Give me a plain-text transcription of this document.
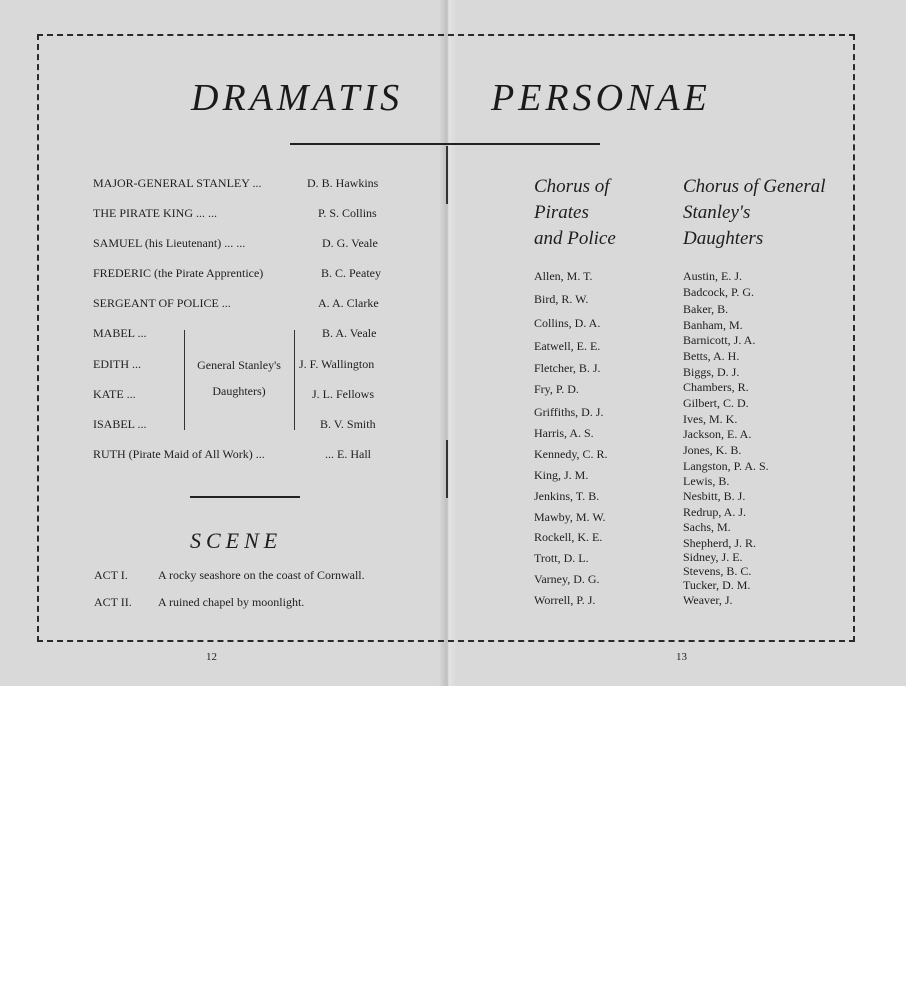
DRAMATIS PERSONAE
MAJOR-GENERAL STANLEY ...	D. B. Hawkins
THE PIRATE KING ... ...	P. S. Collins
SAMUEL (his Lieutenant) ... ...	D. G. Veale
FREDERIC (the Pirate Apprentice)	B. C. Peatey
SERGEANT OF POLICE ...	A. A. Clarke
MABEL ...	B. A. Veale
EDITH ...	J. F. Wallington
KATE ...	J. L. Fellows
ISABEL ...	B. V. Smith
RUTH (Pirate Maid of All Work) ...	... E. Hall
General Stanley's
Daughters)
SCENE
ACT I.	A rocky seashore on the coast of Cornwall.
ACT II. A ruined chapel by moonlight.
Chorus of
Pirates
and Police
Chorus of General
Stanley's
Daughters
Allen, M. T.
Bird, R. W.
Collins, D. A.
Eatwell, E. E.
Fletcher, B. J.
Fry, P. D.
Griffiths, D. J.
Harris, A. S.
Kennedy, C. R.
King, J. M.
Jenkins, T. B.
Mawby, M. W.
Rockell, K. E.
Trott, D. L.
Varney, D. G.
Worrell, P. J.
Austin, E. J.
Badcock, P. G.
Baker, B.
Banham, M.
Barnicott, J. A.
Betts, A. H.
Biggs, D. J.
Chambers, R.
Gilbert, C. D.
Ives, M. K.
Jackson, E. A.
Jones, K. B.
Langston, P. A. S.
Lewis, B.
Nesbitt, B. J.
Redrup, A. J.
Sachs, M.
Shepherd, J. R.
Sidney, J. E.
Stevens, B. C.
Tucker, D. M.
Weaver, J.
12	13
